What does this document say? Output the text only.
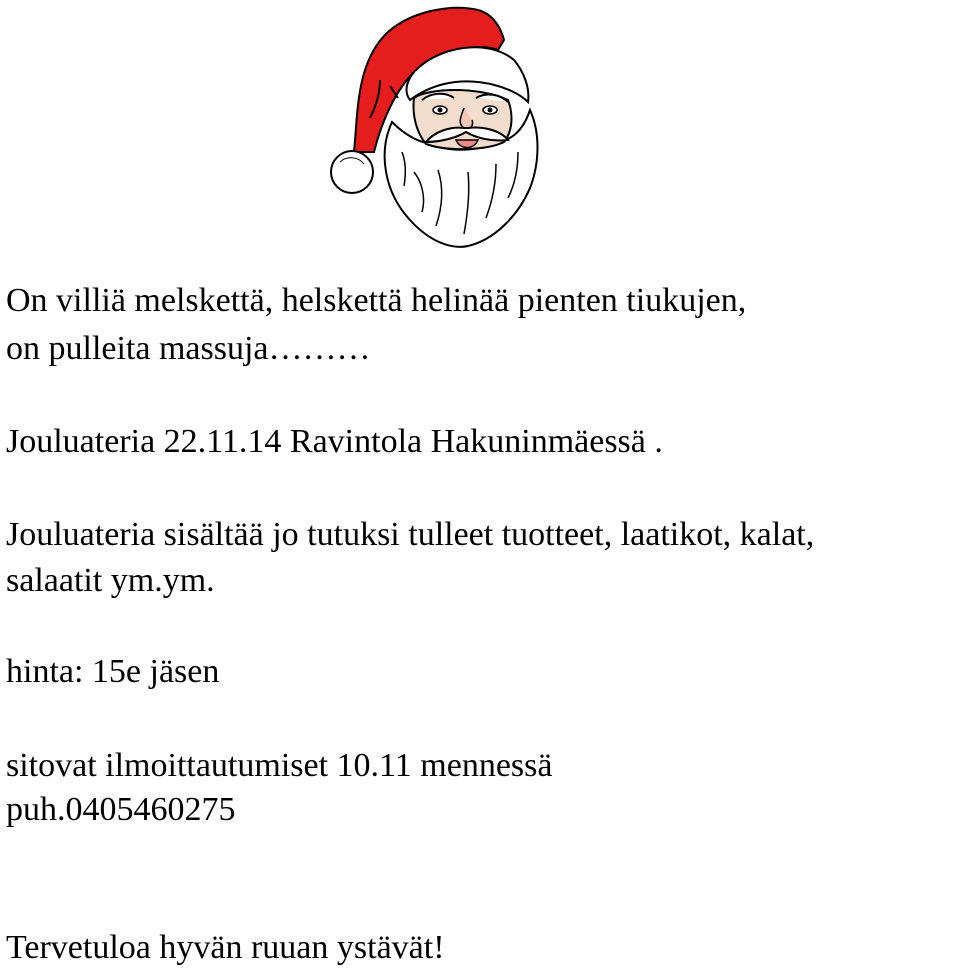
On villiä melskettä, helskettä helinää pienten tiukujen,

on pulleita massuja………

Jouluateria 22.11.14 Ravintola Hakuninmäessä .

Jouluateria sisältää jo tutuksi tulleet tuotteet, laatikot, kalat,

salaatit ym.ym.

hinta: 15e jäsen

sitovat ilmoittautumiset 10.11 mennessä

puh.0405460275

Tervetuloa hyvän ruuan ystävät!
